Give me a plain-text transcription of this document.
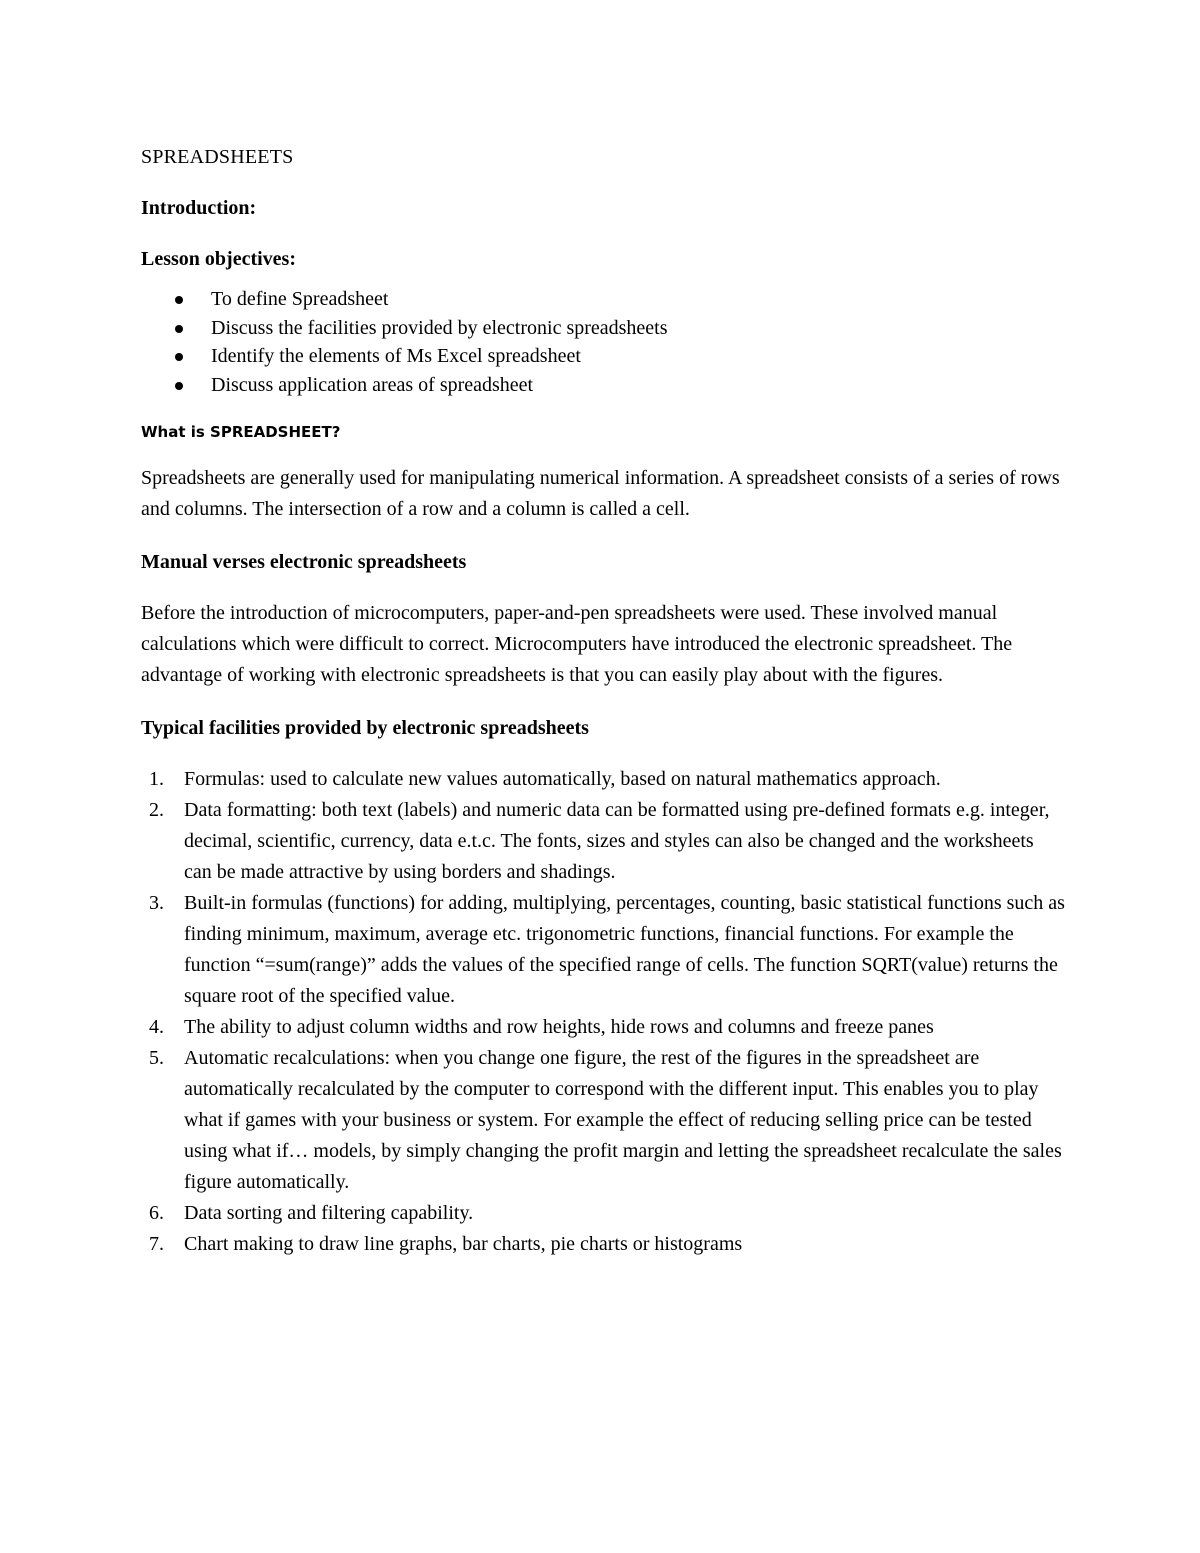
SPREADSHEETS
Introduction:
Lesson objectives:
To define Spreadsheet
Discuss the facilities provided by electronic spreadsheets
Identify the elements of Ms Excel spreadsheet
Discuss application areas of spreadsheet
What is SPREADSHEET?

Spreadsheets are generally used for manipulating numerical information. A spreadsheet consists of a series of rows and columns. The intersection of a row and a column is called a cell.

Manual verses electronic spreadsheets

Before the introduction of microcomputers, paper-and-pen spreadsheets were used. These involved manual calculations which were difficult to correct. Microcomputers have introduced the electronic spreadsheet. The advantage of working with electronic spreadsheets is that you can easily play about with the figures.

Typical facilities provided by electronic spreadsheets
1. Formulas: used to calculate new values automatically, based on natural mathematics approach.
2. Data formatting: both text (labels) and numeric data can be formatted using pre-defined formats e.g. integer, decimal, scientific, currency, data e.t.c. The fonts, sizes and styles can also be changed and the worksheets can be made attractive by using borders and shadings.
3. Built-in formulas (functions) for adding, multiplying, percentages, counting, basic statistical functions such as finding minimum, maximum, average etc. trigonometric functions, financial functions. For example the function “=sum(range)” adds the values of the specified range of cells. The function SQRT(value) returns the square root of the specified value.
4. The ability to adjust column widths and row heights, hide rows and columns and freeze panes
5. Automatic recalculations: when you change one figure, the rest of the figures in the spreadsheet are automatically recalculated by the computer to correspond with the different input. This enables you to play what if games with your business or system. For example the effect of reducing selling price can be tested using what if… models, by simply changing the profit margin and letting the spreadsheet recalculate the sales figure automatically.
6. Data sorting and filtering capability.
7. Chart making to draw line graphs, bar charts, pie charts or histograms
